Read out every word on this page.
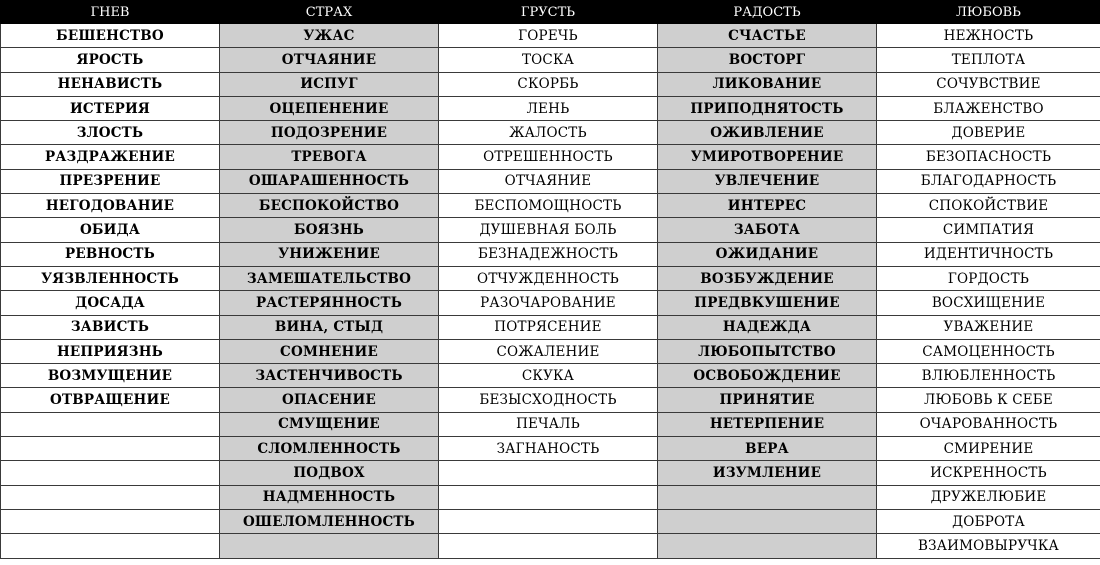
ГНЕВ	СТРАХ	ГРУСТЬ	РАДОСТЬ	ЛЮБОВЬ
БЕШЕНСТВО	УЖАС	ГОРЕЧЬ	СЧАСТЬЕ	НЕЖНОСТЬ
ЯРОСТЬ	ОТЧАЯНИЕ	ТОСКА	ВОСТОРГ	ТЕПЛОТА
НЕНАВИСТЬ	ИСПУГ	СКОРБЬ	ЛИКОВАНИЕ	СОЧУВСТВИЕ
ИСТЕРИЯ	ОЦЕПЕНЕНИЕ	ЛЕНЬ	ПРИПОДНЯТОСТЬ	БЛАЖЕНСТВО
ЗЛОСТЬ	ПОДОЗРЕНИЕ	ЖАЛОСТЬ	ОЖИВЛЕНИЕ	ДОВЕРИЕ
РАЗДРАЖЕНИЕ	ТРЕВОГА	ОТРЕШЕННОСТЬ	УМИРОТВОРЕНИЕ	БЕЗОПАСНОСТЬ
ПРЕЗРЕНИЕ	ОШАРАШЕННОСТЬ	ОТЧАЯНИЕ	УВЛЕЧЕНИЕ	БЛАГОДАРНОСТЬ
НЕГОДОВАНИЕ	БЕСПОКОЙСТВО	БЕСПОМОЩНОСТЬ	ИНТЕРЕС	СПОКОЙСТВИЕ
ОБИДА	БОЯЗНЬ	ДУШЕВНАЯ БОЛЬ	ЗАБОТА	СИМПАТИЯ
РЕВНОСТЬ	УНИЖЕНИЕ	БЕЗНАДЕЖНОСТЬ	ОЖИДАНИЕ	ИДЕНТИЧНОСТЬ
УЯЗВЛЕННОСТЬ	ЗАМЕШАТЕЛЬСТВО	ОТЧУЖДЕННОСТЬ	ВОЗБУЖДЕНИЕ	ГОРДОСТЬ
ДОСАДА	РАСТЕРЯННОСТЬ	РАЗОЧАРОВАНИЕ	ПРЕДВКУШЕНИЕ	ВОСХИЩЕНИЕ
ЗАВИСТЬ	ВИНА, СТЫД	ПОТРЯСЕНИЕ	НАДЕЖДА	УВАЖЕНИЕ
НЕПРИЯЗНЬ	СОМНЕНИЕ	СОЖАЛЕНИЕ	ЛЮБОПЫТСТВО	САМОЦЕННОСТЬ
ВОЗМУЩЕНИЕ	ЗАСТЕНЧИВОСТЬ	СКУКА	ОСВОБОЖДЕНИЕ	ВЛЮБЛЕННОСТЬ
ОТВРАЩЕНИЕ	ОПАСЕНИЕ	БЕЗЫСХОДНОСТЬ	ПРИНЯТИЕ	ЛЮБОВЬ К СЕБЕ
	СМУЩЕНИЕ	ПЕЧАЛЬ	НЕТЕРПЕНИЕ	ОЧАРОВАННОСТЬ
	СЛОМЛЕННОСТЬ	ЗАГНАНОСТЬ	ВЕРА	СМИРЕНИЕ
	ПОДВОХ		ИЗУМЛЕНИЕ	ИСКРЕННОСТЬ
	НАДМЕННОСТЬ			ДРУЖЕЛЮБИЕ
	ОШЕЛОМЛЕННОСТЬ			ДОБРОТА
				ВЗАИМОВЫРУЧКА
